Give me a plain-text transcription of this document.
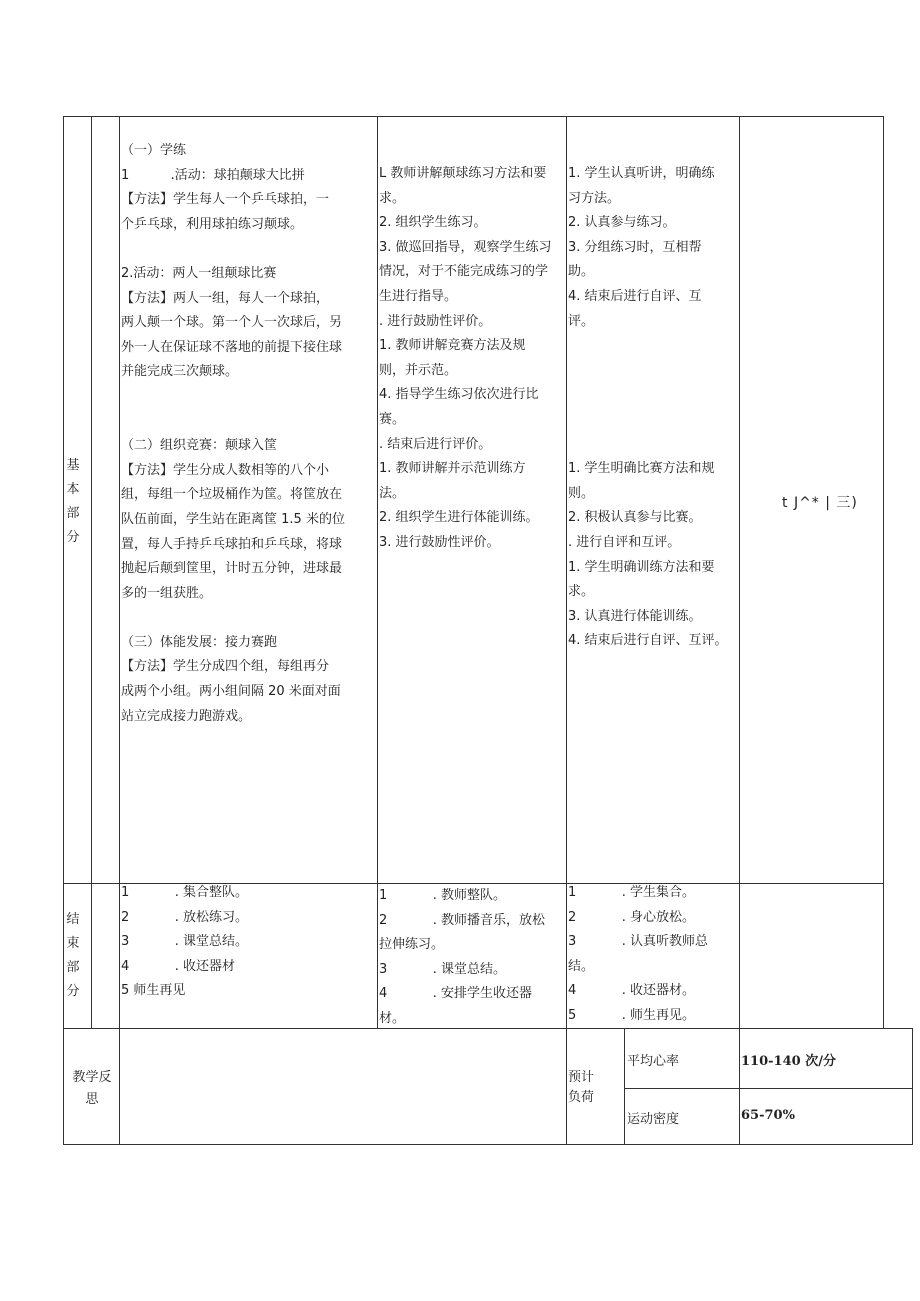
基本部分
结束部分
（一）学练
1          .活动：球拍颠球大比拼
【方法】学生每人一个乒乓球拍，一
个乒乓球，利用球拍练习颠球。

2.活动：两人一组颠球比赛
【方法】两人一组，每人一个球拍，
两人颠一个球。第一个人一次球后，另
外一人在保证球不落地的前提下接住球
并能完成三次颠球。

（二）组织竞赛：颠球入筐
【方法】学生分成人数相等的八个小
组，每组一个垃圾桶作为筐。将筐放在
队伍前面，学生站在距离筐 1.5 米的位
置，每人手持乒乓球拍和乒乓球，将球
抛起后颠到筐里，计时五分钟，进球最
多的一组获胜。

（三）体能发展：接力赛跑
【方法】学生分成四个组，每组再分
成两个小组。两小组间隔 20 米面对面
站立完成接力跑游戏。
L 教师讲解颠球练习方法和要
求。
2. 组织学生练习。
3. 做巡回指导，观察学生练习
情况，对于不能完成练习的学
生进行指导。
. 进行鼓励性评价。
1. 教师讲解竞赛方法及规
则，并示范。
4. 指导学生练习依次进行比
赛。
. 结束后进行评价。
1. 教师讲解并示范训练方
法。
2. 组织学生进行体能训练。
3. 进行鼓励性评价。
1. 学生认真听讲，明确练
习方法。
2. 认真参与练习。
3. 分组练习时，互相帮
助。
4. 结束后进行自评、互
评。

1. 学生明确比赛方法和规
则。
2. 积极认真参与比赛。
. 进行自评和互评。
1. 学生明确训练方法和要
求。
3. 认真进行体能训练。
4. 结束后进行自评、互评。
t J^* | 三)
1           . 集合整队。
2           . 放松练习。
3           . 课堂总结。
4           . 收还器材
5 师生再见
1           . 教师整队。
2           . 教师播音乐，放松
拉伸练习。
3           . 课堂总结。
4           . 安排学生收还器
材。
1           . 学生集合。
2           . 身心放松。
3           . 认真听教师总
结。
4           . 收还器材。
5           . 师生再见。
教学反思
预计负荷
平均心率	110-140 次/分
运动密度	65-70%
